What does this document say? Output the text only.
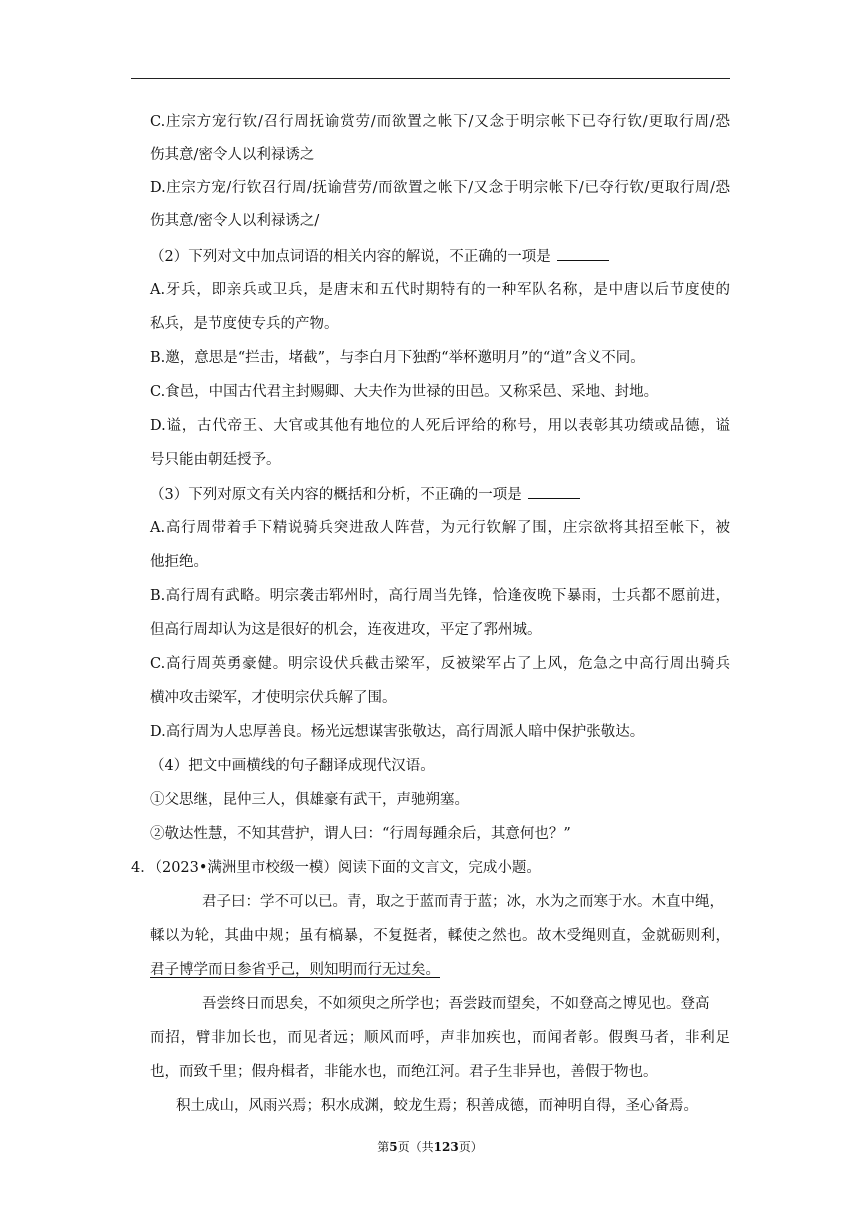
C.庄宗方宠行钦/召行周抚谕赏劳/而欲置之帐下/又念于明宗帐下已夺行钦/更取行周/恐
伤其意/密令人以利禄诱之
D.庄宗方宠/行钦召行周/抚谕营劳/而欲置之帐下/又念于明宗帐下/已夺行钦/更取行周/恐
伤其意/密令人以利禄诱之/
（2）下列对文中加点词语的相关内容的解说，不正确的一项是
A.牙兵，即亲兵或卫兵，是唐末和五代时期特有的一种军队名称，是中唐以后节度使的
私兵，是节度使专兵的产物。
B.邀，意思是“拦击，堵截”，与李白月下独酌“举杯邀明月”的“道”含义不同。
C.食邑，中国古代君主封赐卿、大夫作为世禄的田邑。又称采邑、采地、封地。
D.谥，古代帝王、大官或其他有地位的人死后评给的称号，用以表彰其功绩或品德，谥
号只能由朝廷授予。
（3）下列对原文有关内容的概括和分析，不正确的一项是
A.高行周带着手下精说骑兵突进敌人阵营，为元行钦解了围，庄宗欲将其招至帐下，被
他拒绝。
B.高行周有武略。明宗袭击郓州时，高行周当先锋，恰逢夜晚下暴雨，士兵都不愿前进，
但高行周却认为这是很好的机会，连夜进攻，平定了郛州城。
C.高行周英勇豪健。明宗设伏兵截击梁军，反被梁军占了上风，危急之中高行周出骑兵
横冲攻击梁军，才使明宗伏兵解了围。
D.高行周为人忠厚善良。杨光远想谋害张敬达，高行周派人暗中保护张敬达。
（4）把文中画横线的句子翻译成现代汉语。
①父思继，昆仲三人，俱雄豪有武干，声驰朔塞。
②敬达性慧，不知其营护，谓人曰：“行周每踵余后，其意何也？”
4．（2023•满洲里市校级一模）阅读下面的文言文，完成小题。
君子曰：学不可以已。青，取之于蓝而青于蓝；冰，水为之而寒于水。木直中绳，
輮以为轮，其曲中规；虽有槁暴，不复挺者，輮使之然也。故木受绳则直，金就砺则利，
君子博学而日参省乎己，则知明而行无过矣。
吾尝终日而思矣，不如须臾之所学也；吾尝跂而望矣，不如登高之博见也。登高
而招，臂非加长也，而见者远；顺风而呼，声非加疾也，而闻者彰。假舆马者，非利足
也，而致千里；假舟楫者，非能水也，而绝江河。君子生非异也，善假于物也。
积土成山，风雨兴焉；积水成渊，蛟龙生焉；积善成德，而神明自得，圣心备焉。
第5页（共123页）
